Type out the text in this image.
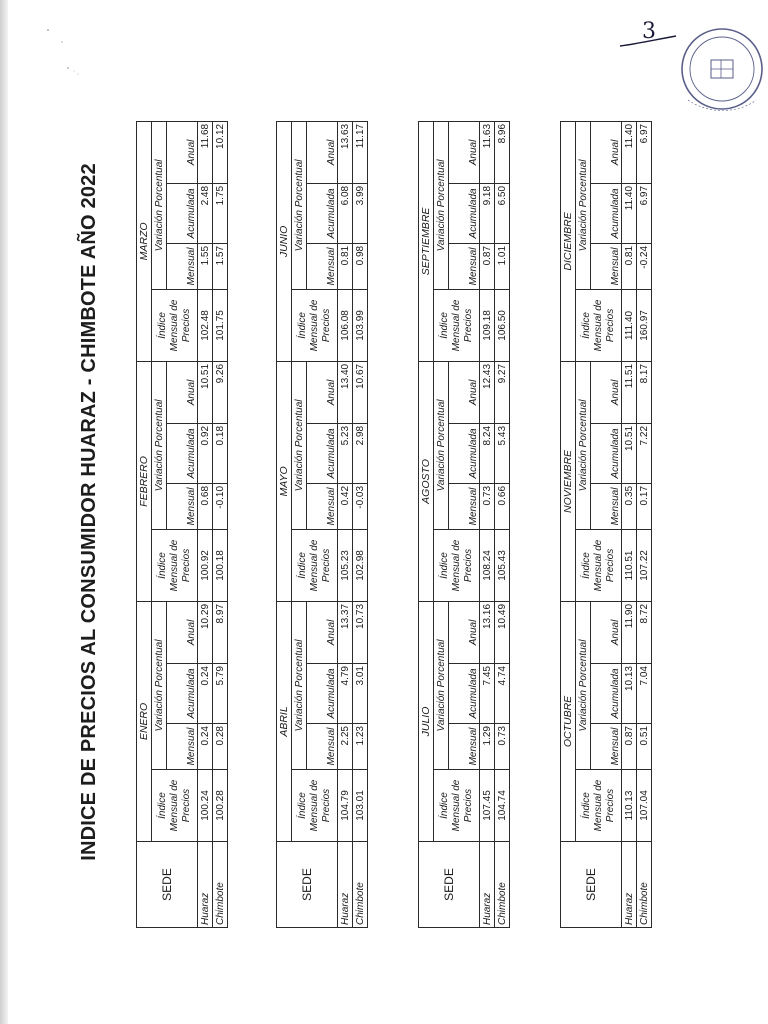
3
INDICE DE PRECIOS AL CONSUMIDOR HUARAZ - CHIMBOTE AÑO 2022
SEDE	ENERO				FEBRERO				MARZO			
	Índice
Mensual de
Precios	Variación Porcentual			Índice
Mensual de
Precios	Variación Porcentual			Índice
Mensual de
Precios	Variación Porcentual		
		Mensual	Acumulada	Anual		Mensual	Acumulada	Anual		Mensual	Acumulada	Anual
Huaraz	100.24	0.24	0.24	10.29	100.92	0.68	0.92	10.51	102.48	1.55	2.48	11.68
Chimbote	100.28	0.28	5.79	8.97	100.18	-0.10	0.18	9.26	101.75	1.57	1.75	10.12
SEDE	ABRIL				MAYO				JUNIO			
	Índice
Mensual de
Precios	Variación Porcentual			Índice
Mensual de
Precios	Variación Porcentual			Índice
Mensual de
Precios	Variación Porcentual		
		Mensual	Acumulada	Anual		Mensual	Acumulada	Anual		Mensual	Acumulada	Anual
Huaraz	104.79	2.25	4.79	13.37	105.23	0.42	5.23	13.40	106.08	0.81	6.08	13.63
Chimbote	103.01	1.23	3.01	10.73	102.98	-0.03	2.98	10.67	103.99	0.98	3.99	11.17
SEDE	JULIO				AGOSTO				SEPTIEMBRE			
	Índice
Mensual de
Precios	Variación Porcentual			Índice
Mensual de
Precios	Variación Porcentual			Índice
Mensual de
Precios	Variación Porcentual		
		Mensual	Acumulada	Anual		Mensual	Acumulada	Anual		Mensual	Acumulada	Anual
Huaraz	107.45	1.29	7.45	13.16	108.24	0.73	8.24	12.43	109.18	0.87	9.18	11.63
Chimbote	104.74	0.73	4.74	10.49	105.43	0.66	5.43	9.27	106.50	1.01	6.50	8.96
SEDE	OCTUBRE				NOVIEMBRE				DICIEMBRE			
	Índice
Mensual de
Precios	Variación Porcentual			Índice
Mensual de
Precios	Variación Porcentual			Índice
Mensual de
Precios	Variación Porcentual		
		Mensual	Acumulada	Anual		Mensual	Acumulada	Anual		Mensual	Acumulada	Anual
Huaraz	110.13	0.87	10.13	11.90	110.51	0.35	10.51	11.51	111.40	0.81	11.40	11.40
Chimbote	107.04	0.51	7.04	8.72	107.22	0.17	7.22	8.17	160.97	-0.24	6.97	6.97
